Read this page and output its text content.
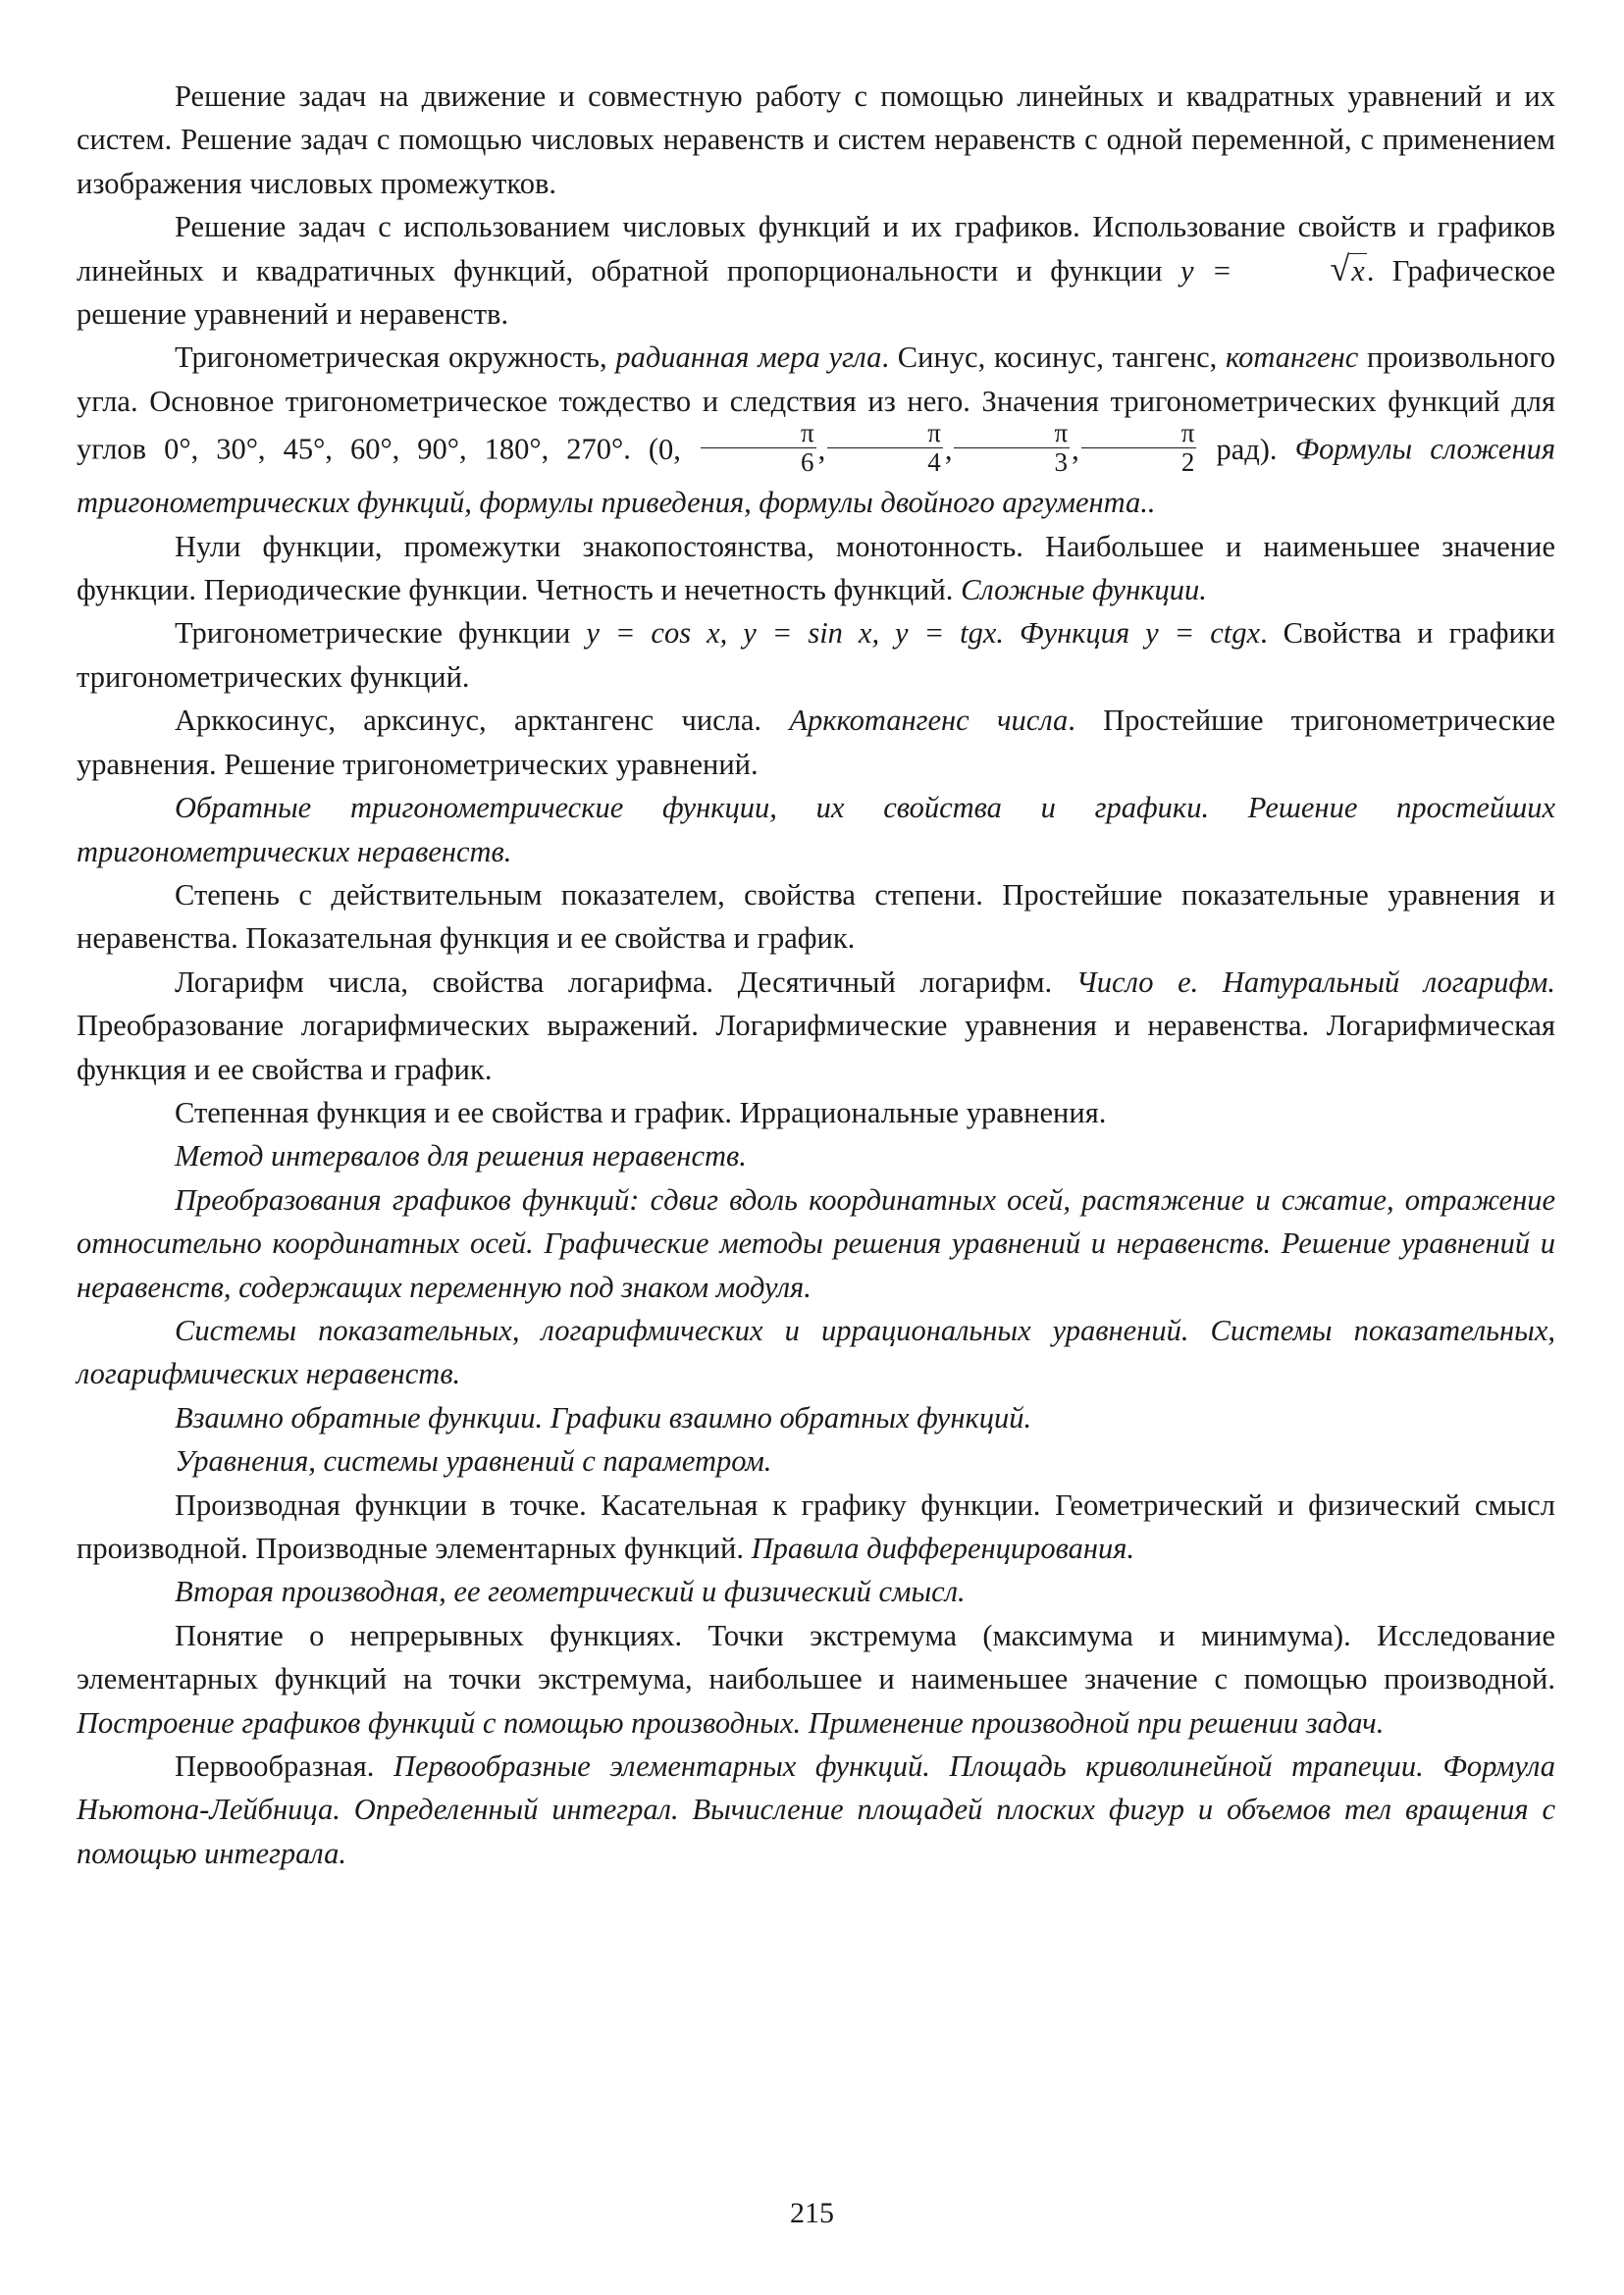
Решение задач на движение и совместную работу с помощью линейных и квадратных уравнений и их систем. Решение задач с помощью числовых неравенств и систем неравенств с одной переменной, с применением изображения числовых промежутков.

Решение задач с использованием числовых функций и их графиков. Использование свойств и графиков линейных и квадратичных функций, обратной пропорциональности и функции y =	√x. Графическое решение уравнений и неравенств.

Тригонометрическая окружность, радианная мера угла. Синус, косинус, тангенс, котангенс произвольного угла. Основное тригонометрическое тождество и следствия из него. Значения тригонометрических функций для углов 0°, 30°, 45°, 60°, 90°, 180°, 270°. (0, $\frac{\pi}{6}$ , $\frac{\pi}{4}$ , $\frac{\pi}{3}$ , $\frac{\pi}{2} рад$). Формулы сложения тригонометрических функций, формулы приведения, формулы двойного аргумента..

Нули функции, промежутки знакопостоянства, монотонность. Наибольшее и наименьшее значение функции. Периодические функции. Четность и нечетность функций. Сложные функции.

Тригонометрические функции y = cos x, y = sin x, y = tgx. Функция y = ctgx. Свойства и графики тригонометрических функций.

Арккосинус, арксинус, арктангенс числа. Арккотангенс числа. Простейшие тригонометрические уравнения. Решение тригонометрических уравнений.

Обратные тригонометрические функции, их свойства и графики. Решение простейших тригонометрических неравенств.

Степень с действительным показателем, свойства степени. Простейшие показательные уравнения и неравенства. Показательная функция и ее свойства и график.

Логарифм числа, свойства логарифма. Десятичный логарифм. Число е. Натуральный логарифм. Преобразование логарифмических выражений. Логарифмические уравнения и неравенства. Логарифмическая функция и ее свойства и график.

Степенная функция и ее свойства и график. Иррациональные уравнения.

Метод интервалов для решения неравенств.

Преобразования графиков функций: сдвиг вдоль координатных осей, растяжение и сжатие, отражение относительно координатных осей. Графические методы решения уравнений и неравенств. Решение уравнений и неравенств, содержащих переменную под знаком модуля.

Системы показательных, логарифмических и иррациональных уравнений. Системы показательных, логарифмических неравенств.

Взаимно обратные функции. Графики взаимно обратных функций.

Уравнения, системы уравнений с параметром.

Производная функции в точке. Касательная к графику функции. Геометрический и физический смысл производной. Производные элементарных функций. Правила дифференцирования.

Вторая производная, ее геометрический и физический смысл.

Понятие о непрерывных функциях. Точки экстремума (максимума и минимума). Исследование элементарных функций на точки экстремума, наибольшее и наименьшее значение с помощью производной. Построение графиков функций с помощью производных. Применение производной при решении задач.

Первообразная. Первообразные элементарных функций. Площадь криволинейной трапеции. Формула Ньютона-Лейбница. Определенный интеграл. Вычисление площадей плоских фигур и объемов тел вращения с помощью интеграла.

215
